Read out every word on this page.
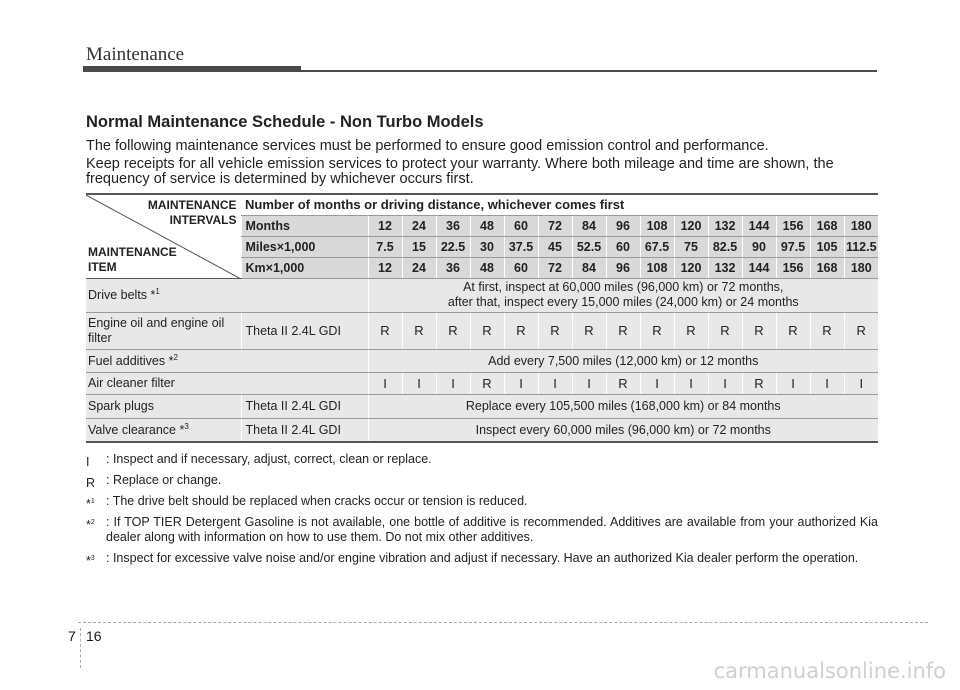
Maintenance
Normal Maintenance Schedule - Non Turbo Models
The following maintenance services must be performed to ensure good emission control and performance.
Keep receipts for all vehicle emission services to protect your warranty. Where both mileage and time are shown, the frequency of service is determined by whichever occurs first.
MAINTENANCE
INTERVALS
MAINTENANCE
ITEM	Number of months or driving distance, whichever comes first															
	Months	12	24	36	48	60	72	84	96	108	120	132	144	156	168	180
	Miles×1,000	7.5	15	22.5	30	37.5	45	52.5	60	67.5	75	82.5	90	97.5	105	112.5
	Km×1,000	12	24	36	48	60	72	84	96	108	120	132	144	156	168	180
Drive belts *$^1$		At first, inspect at 60,000 miles (96,000 km) or 72 months,
after that, inspect every 15,000 miles (24,000 km) or 24 months														

Engine oil and engine oil
filter	Theta II 2.4L GDI	R	R	R	R	R	R	R	R	R	R	R	R	R	R	R
Fuel additives *$^2$		Add every 7,500 miles (12,000 km) or 12 months														
Air cleaner filter		I	I	I	R	I	I	I	R	I	I	I	R	I	I	I
Spark plugs	Theta II 2.4L GDI	Replace every 105,500 miles (168,000 km) or 84 months														
Valve clearance *$^3$	Theta II 2.4L GDI	Inspect every 60,000 miles (96,000 km) or 72 months														
I : Inspect and if necessary, adjust, correct, clean or replace.
R : Replace or change.
*$^1$ : The drive belt should be replaced when cracks occur or tension is reduced.
*$^2$ : If TOP TIER Detergent Gasoline is not available, one bottle of additive is recommended. Additives are available from your authorized Kia dealer along with information on how to use them. Do not mix other additives.
*$^3$ : Inspect for excessive valve noise and/or engine vibration and adjust if necessary. Have an authorized Kia dealer perform the operation.
7 16
carmanualsonline.info
